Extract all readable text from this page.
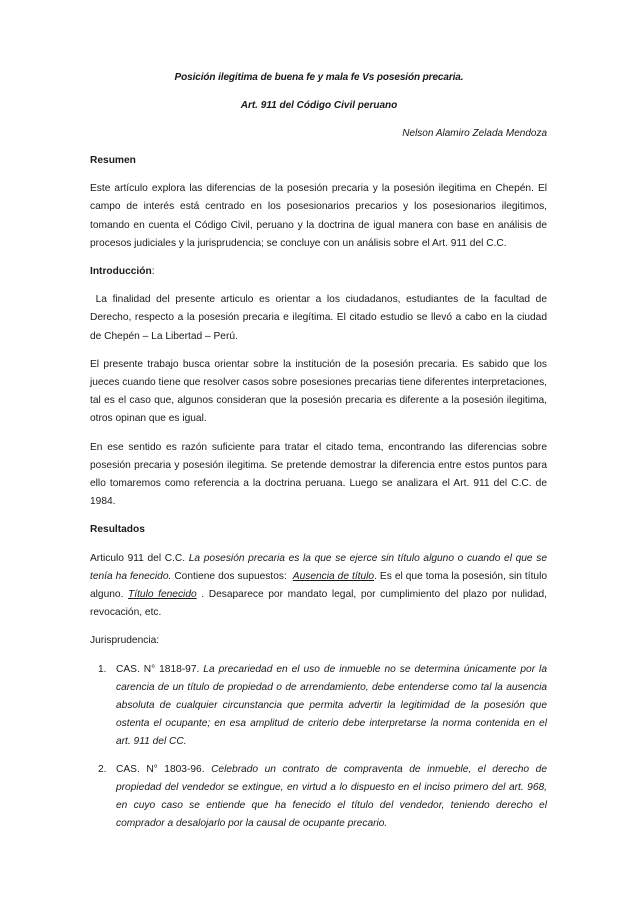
Posición ilegitima de buena fe y mala fe Vs posesión precaria.
Art. 911 del Código Civil peruano
Nelson Alamiro Zelada Mendoza
Resumen

Este artículo explora las diferencias de la posesión precaria y la posesión ilegitima en Chepén. El campo de interés está centrado en los posesionarios precarios y los posesionarios ilegitimos, tomando en cuenta el Código Civil, peruano y la doctrina de igual manera con base en análisis de procesos judiciales y la jurisprudencia; se concluye con un análisis sobre el Art. 911 del C.C.

Introducción:

La finalidad del presente articulo es orientar a los ciudadanos, estudiantes de la facultad de Derecho, respecto a la posesión precaria e ilegítima. El citado estudio se llevó a cabo en la ciudad de Chepén – La Libertad – Perú.

El presente trabajo busca orientar sobre la institución de la posesión precaria. Es sabido que los jueces cuando tiene que resolver casos sobre posesiones precarias tiene diferentes interpretaciones, tal es el caso que, algunos consideran que la posesión precaria es diferente a la posesión ilegitima, otros opinan que es igual.

En ese sentido es razón suficiente para tratar el citado tema, encontrando las diferencias sobre posesión precaria y posesión ilegitima. Se pretende demostrar la diferencia entre estos puntos para ello tomaremos como referencia a la doctrina peruana. Luego se analizara el Art. 911 del C.C. de 1984.

Resultados

Articulo 911 del C.C. La posesión precaria es la que se ejerce sin título alguno o cuando el que se tenía ha fenecido. Contiene dos supuestos:  Ausencia de título. Es el que toma la posesión, sin título alguno. Título fenecido . Desaparece por mandato legal, por cumplimiento del plazo por nulidad, revocación, etc.

Jurisprudencia:

1. CAS. N° 1818-97. La precariedad en el uso de inmueble no se determina únicamente por la carencia de un título de propiedad o de arrendamiento, debe entenderse como tal la ausencia absoluta de cualquier circunstancia que permita advertir la legitimidad de la posesión que ostenta el ocupante; en esa amplitud de criterio debe interpretarse la norma contenida en el art. 911 del CC.
2. CAS. N° 1803-96. Celebrado un contrato de compraventa de inmueble, el derecho de propiedad del vendedor se extingue, en virtud a lo dispuesto en el inciso primero del art. 968, en cuyo caso se entiende que ha fenecido el título del vendedor, teniendo derecho el comprador a desalojarlo por la causal de ocupante precario.
